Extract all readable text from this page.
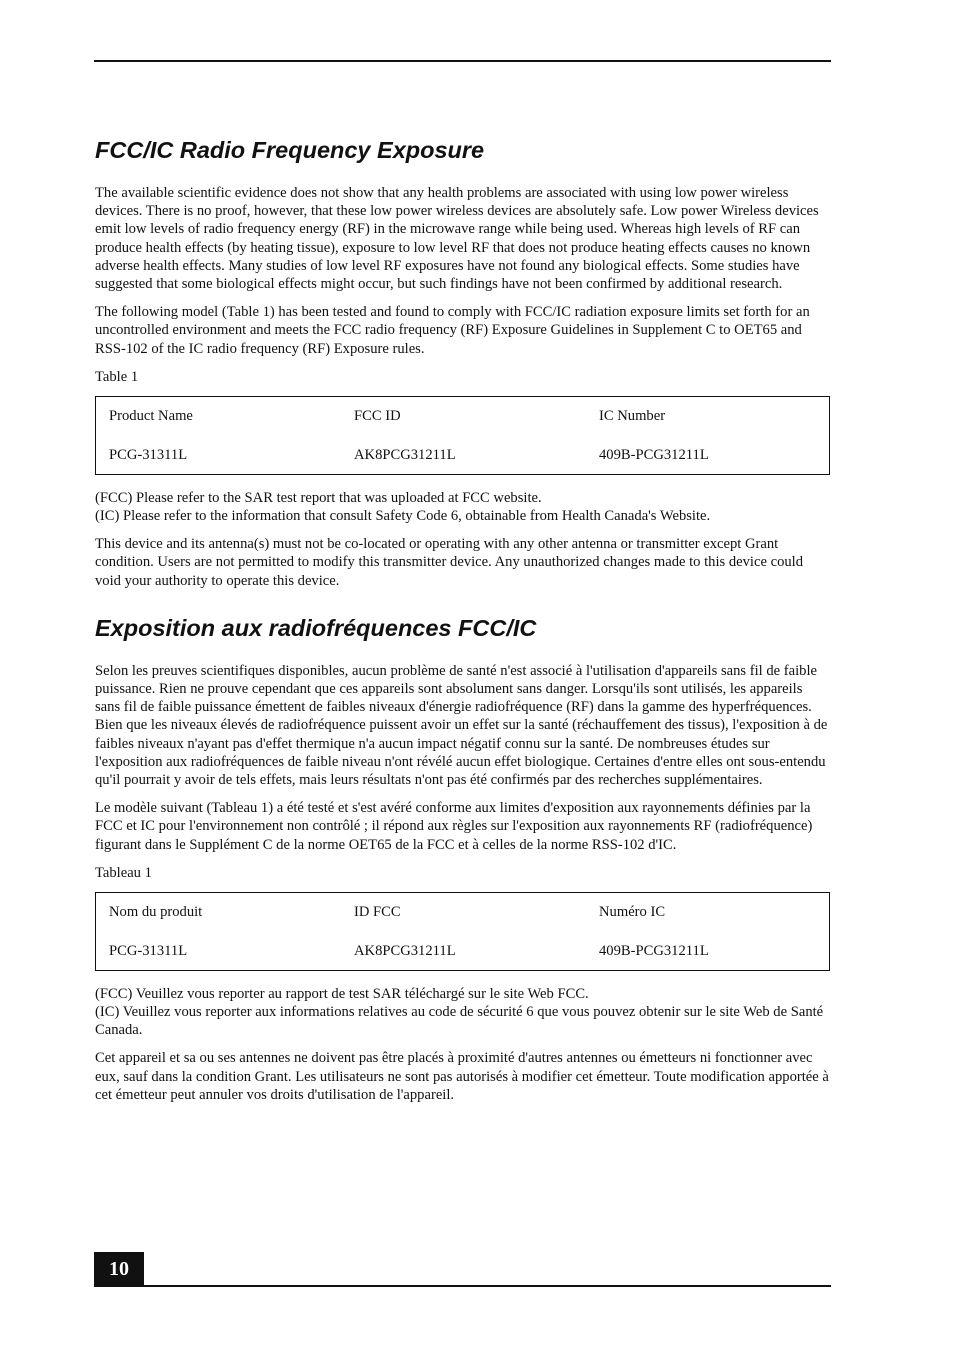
FCC/IC Radio Frequency Exposure

The available scientific evidence does not show that any health problems are associated with using low power wireless devices. There is no proof, however, that these low power wireless devices are absolutely safe. Low power Wireless devices emit low levels of radio frequency energy (RF) in the microwave range while being used. Whereas high levels of RF can produce health effects (by heating tissue), exposure to low level RF that does not produce heating effects causes no known adverse health effects. Many studies of low level RF exposures have not found any biological effects. Some studies have suggested that some biological effects might occur, but such findings have not been confirmed by additional research.

The following model (Table 1) has been tested and found to comply with FCC/IC radiation exposure limits set forth for an uncontrolled environment and meets the FCC radio frequency (RF) Exposure Guidelines in Supplement C to OET65 and RSS-102 of the IC radio frequency (RF) Exposure rules.

Table 1
Product Name	FCC ID	IC Number
PCG-31311L	AK8PCG31211L	409B-PCG31211L
(FCC) Please refer to the SAR test report that was uploaded at FCC website.
(IC) Please refer to the information that consult Safety Code 6, obtainable from Health Canada's Website.

This device and its antenna(s) must not be co-located or operating with any other antenna or transmitter except Grant condition. Users are not permitted to modify this transmitter device. Any unauthorized changes made to this device could void your authority to operate this device.

Exposition aux radiofréquences FCC/IC

Selon les preuves scientifiques disponibles, aucun problème de santé n'est associé à l'utilisation d'appareils sans fil de faible puissance. Rien ne prouve cependant que ces appareils sont absolument sans danger. Lorsqu'ils sont utilisés, les appareils sans fil de faible puissance émettent de faibles niveaux d'énergie radiofréquence (RF) dans la gamme des hyperfréquences. Bien que les niveaux élevés de radiofréquence puissent avoir un effet sur la santé (réchauffement des tissus), l'exposition à de faibles niveaux n'ayant pas d'effet thermique n'a aucun impact négatif connu sur la santé. De nombreuses études sur l'exposition aux radiofréquences de faible niveau n'ont révélé aucun effet biologique. Certaines d'entre elles ont sous-entendu qu'il pourrait y avoir de tels effets, mais leurs résultats n'ont pas été confirmés par des recherches supplémentaires.

Le modèle suivant (Tableau 1) a été testé et s'est avéré conforme aux limites d'exposition aux rayonnements définies par la FCC et IC pour l'environnement non contrôlé ; il répond aux règles sur l'exposition aux rayonnements RF (radiofréquence) figurant dans le Supplément C de la norme OET65 de la FCC et à celles de la norme RSS-102 d'IC.

Tableau 1
Nom du produit	ID FCC	Numéro IC
PCG-31311L	AK8PCG31211L	409B-PCG31211L
(FCC) Veuillez vous reporter au rapport de test SAR téléchargé sur le site Web FCC.
(IC) Veuillez vous reporter aux informations relatives au code de sécurité 6 que vous pouvez obtenir sur le site Web de Santé Canada.

Cet appareil et sa ou ses antennes ne doivent pas être placés à proximité d'autres antennes ou émetteurs ni fonctionner avec eux, sauf dans la condition Grant. Les utilisateurs ne sont pas autorisés à modifier cet émetteur. Toute modification apportée à cet émetteur peut annuler vos droits d'utilisation de l'appareil.

10
